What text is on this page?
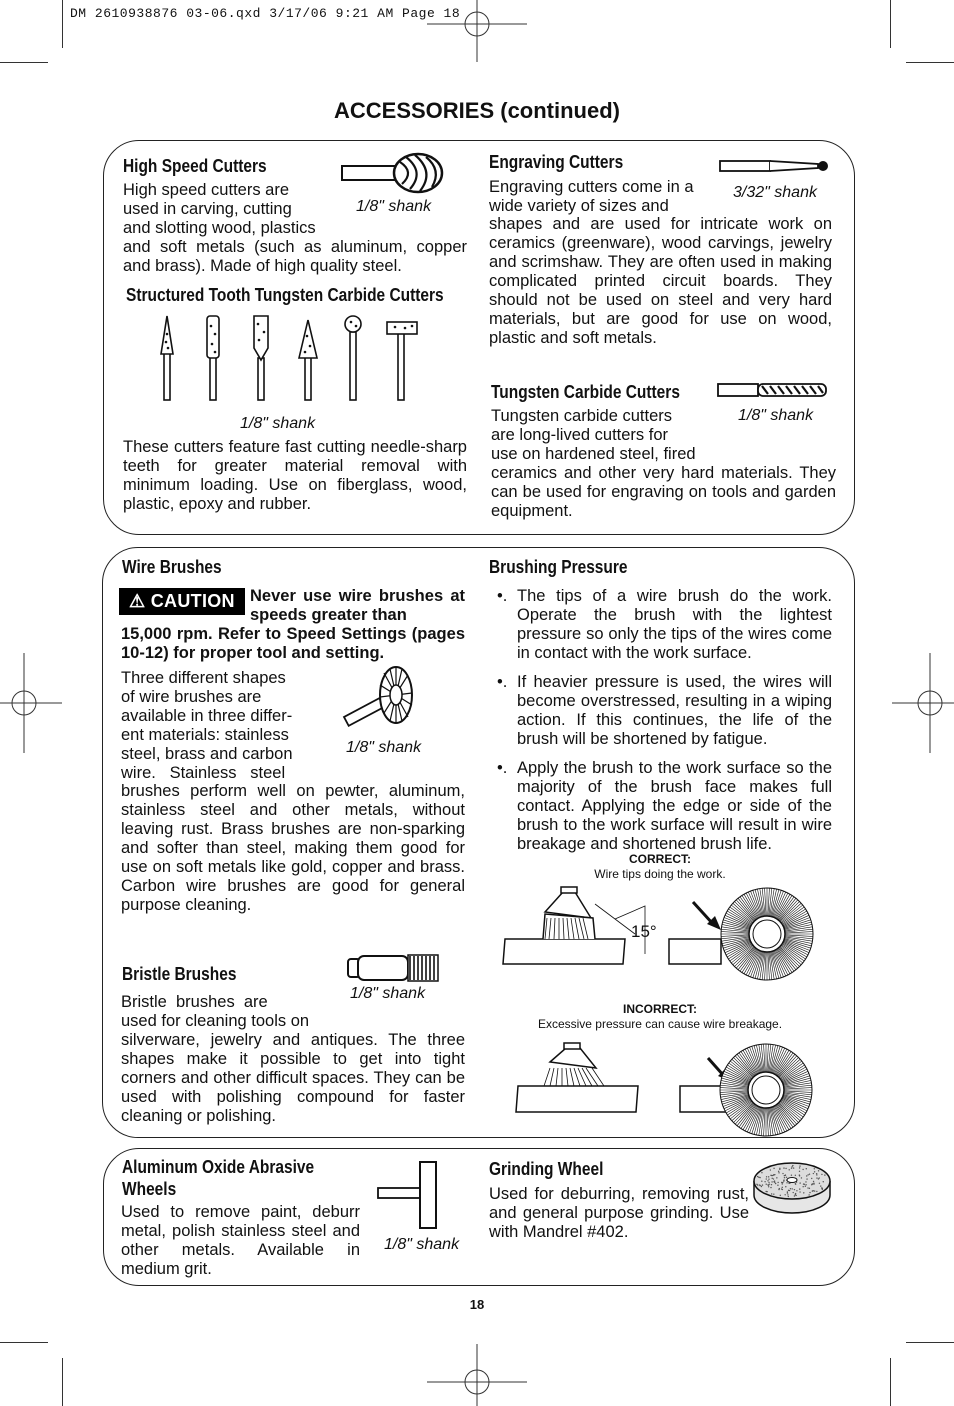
DM 2610938876 03-06.qxd 3/17/06 9:21 AM Page 18
ACCESSORIES (continued)
High Speed Cutters

High speed cutters are

used in carving, cutting

and slotting wood, plastics

and soft metals (such as aluminum, copper and brass). Made of high quality steel.

1/8" shank
Structured Tooth Tungsten Carbide Cutters
1/8" shank

These cutters feature fast cutting needle-sharp teeth for greater material removal with minimum loading. Use on fiberglass, wood, plastic, epoxy and rubber.

Engraving Cutters

Engraving cutters come in a

wide variety of sizes and

3/32" shank

shapes and are used for intricate work on ceramics (greenware), wood carvings, jewelry and scrimshaw. They are often used in making complicated printed circuit boards. They should not be used on steel and very hard materials, but are good for use on wood, plastic and soft metals.

Tungsten Carbide Cutters

Tungsten carbide cutters

are long-lived cutters for

use on hardened steel, fired

1/8" shank

ceramics and other very hard materials. They can be used for engraving on tools and garden equipment.

Wire Brushes
⚠ CAUTION Never use wire brushes at speeds greater than

15,000 rpm. Refer to Speed Settings (pages 10-12) for proper tool and setting.

Three different shapes

of wire brushes are

available in three differ-

ent materials: stainless

steel, brass and carbon

wire.   Stainless   steel

1/8" shank

brushes perform well on pewter, aluminum, stainless steel and other metals, without leaving rust. Brass brushes are non-sparking and softer than steel, making them good for use on soft metals like gold, copper and brass. Carbon wire brushes are good for general purpose cleaning.

Bristle Brushes
1/8" shank

Bristle  brushes  are

used for cleaning tools on

silverware, jewelry and antiques. The three shapes make it possible to get into tight corners and other difficult spaces. They can be used with polishing compound for faster cleaning or polishing.

Brushing Pressure
•. The tips of a wire brush do the work. Operate the brush with the lightest pressure so only the tips of the wires come in contact with the work surface.
•. If heavier pressure is used, the wires will become overstressed, resulting in a wiping action. If this continues, the life of the brush will be shortened by fatigue.
•. Apply the brush to the work surface so the majority of the brush face makes full contact. Applying the edge or side of the brush to the work surface will result in wire breakage and shortened brush life.
CORRECT:
Wire tips doing the work.
15°
INCORRECT:
Excessive pressure can cause wire breakage.
Aluminum Oxide Abrasive
Wheels

Used to remove paint, deburr metal, polish stainless steel and other metals. Available in medium grit.

1/8" shank
Grinding Wheel

Used for deburring, removing rust, and general purpose grinding. Use with Mandrel #402.

18
